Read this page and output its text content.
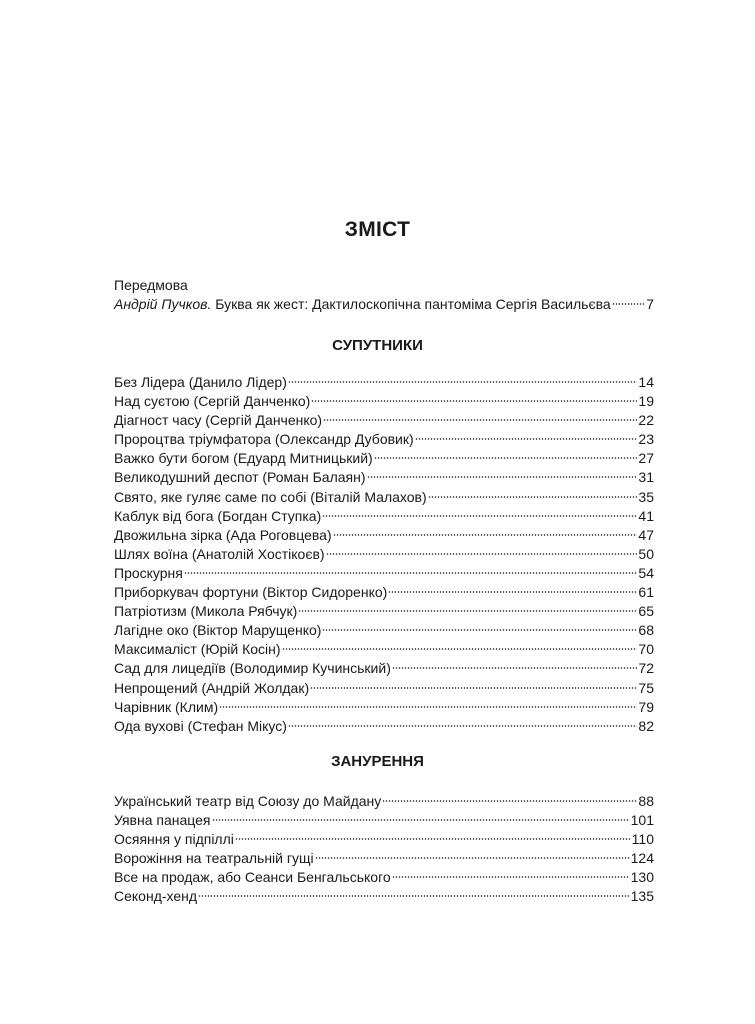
ЗМІСТ
Передмова
Андрій Пучков. Буква як жест: Дактилоскопічна пантоміма Сергія Васильєва	7
СУПУТНИКИ
Без Лідера (Данило Лідер)	14
Над суєтою (Сергій Данченко)	19
Діагност часу (Сергій Данченко)	22
Пророцтва тріумфатора (Олександр Дубовик)	23
Важко бути богом (Едуард Митницький)	27
Великодушний деспот (Роман Балаян)	31
Свято, яке гуляє саме по собі (Віталій Малахов)	35
Каблук від бога (Богдан Ступка)	41
Двожильна зірка (Ада Роговцева)	47
Шлях воїна (Анатолій Хостікоєв)	50
Проскурня	54
Приборкувач фортуни (Віктор Сидоренко)	61
Патріотизм (Микола Рябчук)	65
Лагідне око (Віктор Марущенко)	68
Максималіст (Юрій Косін)	70
Сад для лицедіїв (Володимир Кучинський)	72
Непрощений (Андрій Жолдак)	75
Чарівник (Клим)	79
Ода вухові (Стефан Мікус)	82
ЗАНУРЕННЯ
Український театр від Союзу до Майдану	88
Уявна панацея	101
Осяяння у підпіллі	110
Ворожіння на театральній гущі	124
Все на продаж, або Сеанси Бенгальського	130
Секонд-хенд	135
